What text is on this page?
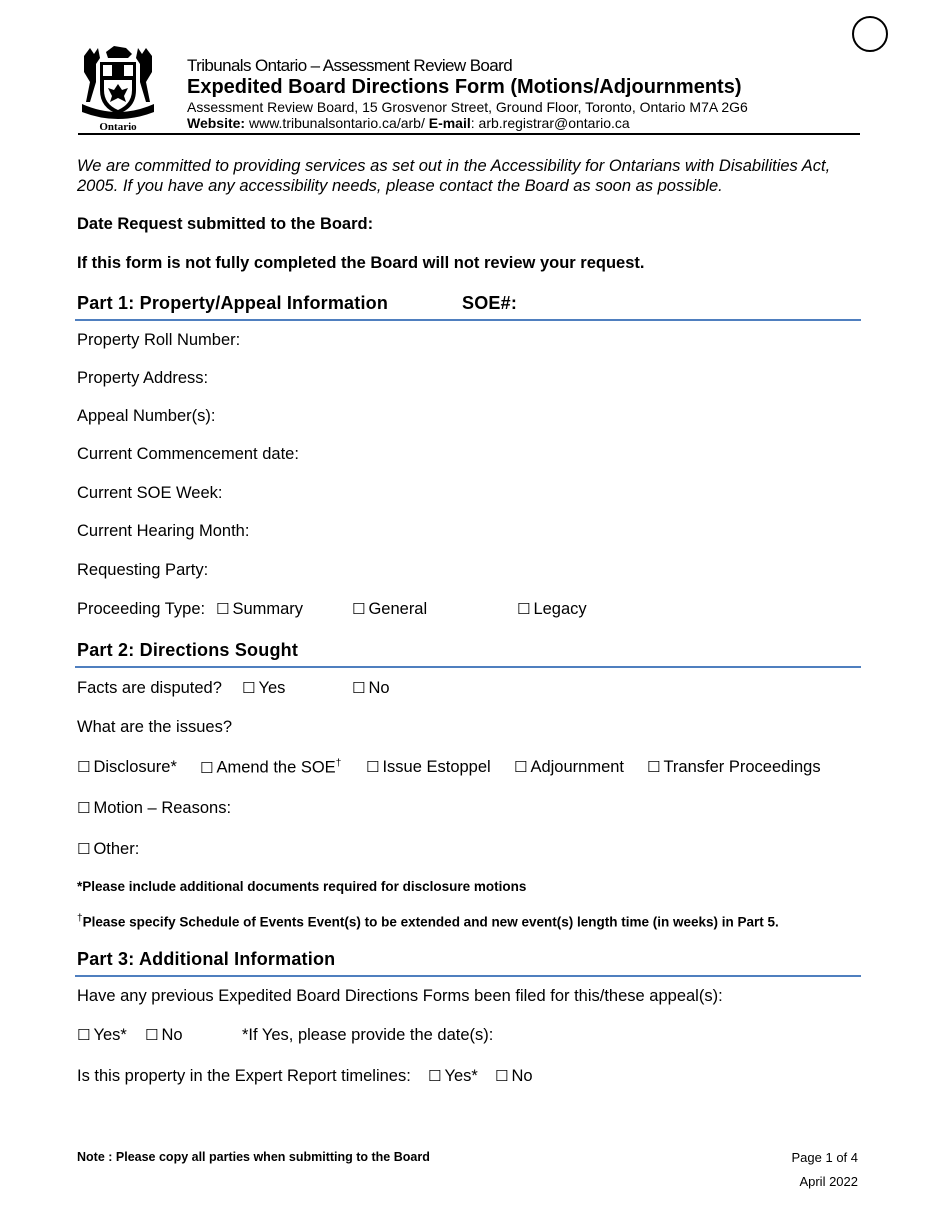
Ontario
Tribunals Ontario – Assessment Review Board
Expedited Board Directions Form (Motions/Adjournments)
Assessment Review Board, 15 Grosvenor Street, Ground Floor, Toronto, Ontario M7A 2G6
Website: www.tribunalsontario.ca/arb/ E-mail: arb.registrar@ontario.ca
We are committed to providing services as set out in the Accessibility for Ontarians with Disabilities Act, 2005. If you have any accessibility needs, please contact the Board as soon as possible.
Date Request submitted to the Board:
If this form is not fully completed the Board will not review your request.
Part 1: Property/Appeal Information	SOE#:
Property Roll Number:
Property Address:
Appeal Number(s):
Current Commencement date:
Current SOE Week:
Current Hearing Month:
Requesting Party:
Proceeding Type: ☐ Summary	☐ General	☐ Legacy
Part 2: Directions Sought
Facts are disputed? ☐ Yes	☐ No
What are the issues?
☐ Disclosure* ☐ Amend the SOE† ☐ Issue Estoppel ☐ Adjournment ☐ Transfer Proceedings
☐ Motion – Reasons:
☐ Other:
*Please include additional documents required for disclosure motions
†Please specify Schedule of Events Event(s) to be extended and new event(s) length time (in weeks) in Part 5.
Part 3: Additional Information
Have any previous Expedited Board Directions Forms been filed for this/these appeal(s):
☐ Yes* ☐ No	*If Yes, please provide the date(s):
Is this property in the Expert Report timelines: ☐ Yes* ☐ No
Note : Please copy all parties when submitting to the Board	Page 1 of 4
April 2022
